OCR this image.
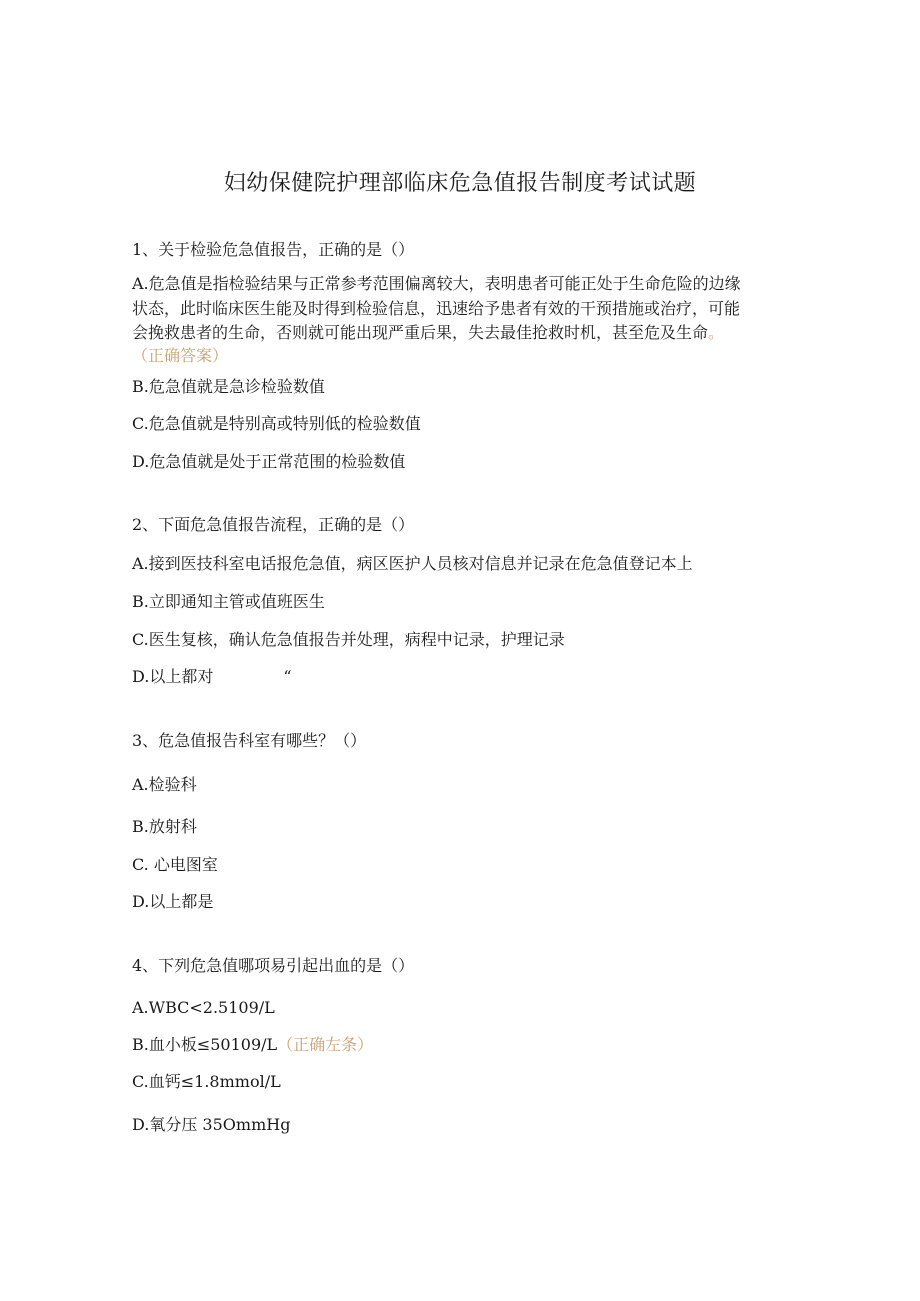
妇幼保健院护理部临床危急值报告制度考试试题
1、关于检验危急值报告，正确的是（）
A.危急值是指检验结果与正常参考范围偏离较大，表明患者可能正处于生命危险的边缘
状态，此时临床医生能及时得到检验信息，迅速给予患者有效的干预措施或治疗，可能
会挽救患者的生命，否则就可能出现严重后果，失去最佳抢救时机，甚至危及生命。
（正确答案）
B.危急值就是急诊检验数值
C.危急值就是特别高或特别低的检验数值
D.危急值就是处于正常范围的检验数值
2、下面危急值报告流程，正确的是（）
A.接到医技科室电话报危急值，病区医护人员核对信息并记录在危急值登记本上
B.立即通知主管或值班医生
C.医生复核，确认危急值报告并处理，病程中记录，护理记录
D.以上都对	“
3、危急值报告科室有哪些？（）
A.检验科
B.放射科
C. 心电图室
D.以上都是
4、下列危急值哪项易引起出血的是（）
A.WBC<2.5109∕L
B.血小板≤50109∕L（正确左条）
C.血钙≤1.8mmol∕L
D.氧分压 35OmmHg
